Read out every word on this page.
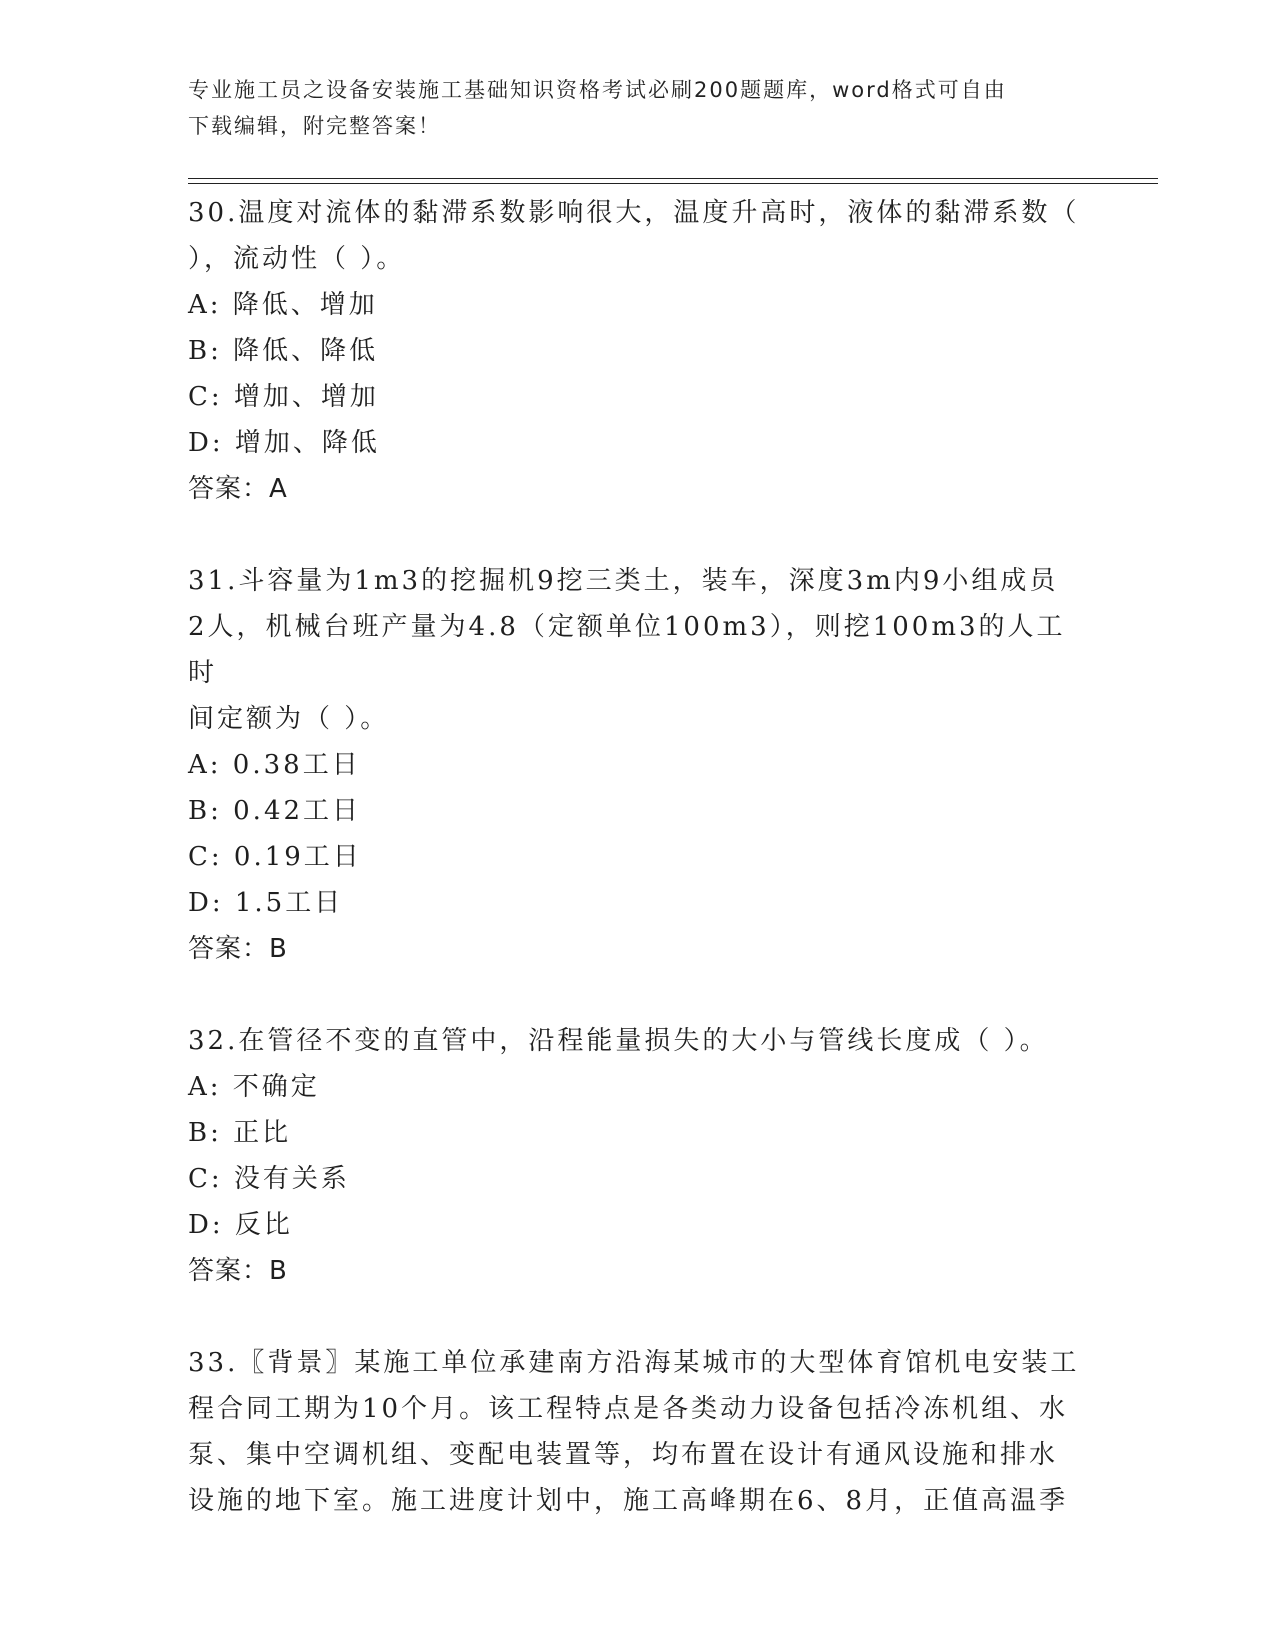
专业施工员之设备安装施工基础知识资格考试必刷200题题库，word格式可自由
下载编辑，附完整答案！
30.温度对流体的黏滞系数影响很大，温度升高时，液体的黏滞系数（
），流动性（ ）。
A: 降低、增加
B: 降低、降低
C: 增加、增加
D: 增加、降低
答案：A
31.斗容量为1m3的挖掘机9挖三类土，装车，深度3m内9小组成员
2人，机械台班产量为4.8（定额单位100m3），则挖100m3的人工时
间定额为（ ）。
A: 0.38工日
B: 0.42工日
C: 0.19工日
D: 1.5工日
答案：B
32.在管径不变的直管中，沿程能量损失的大小与管线长度成（ ）。
A: 不确定
B: 正比
C: 没有关系
D: 反比
答案：B
33.〖背景〗某施工单位承建南方沿海某城市的大型体育馆机电安装工
程合同工期为10个月。该工程特点是各类动力设备包括冷冻机组、水
泵、集中空调机组、变配电装置等，均布置在设计有通风设施和排水
设施的地下室。施工进度计划中，施工高峰期在6、8月，正值高温季
